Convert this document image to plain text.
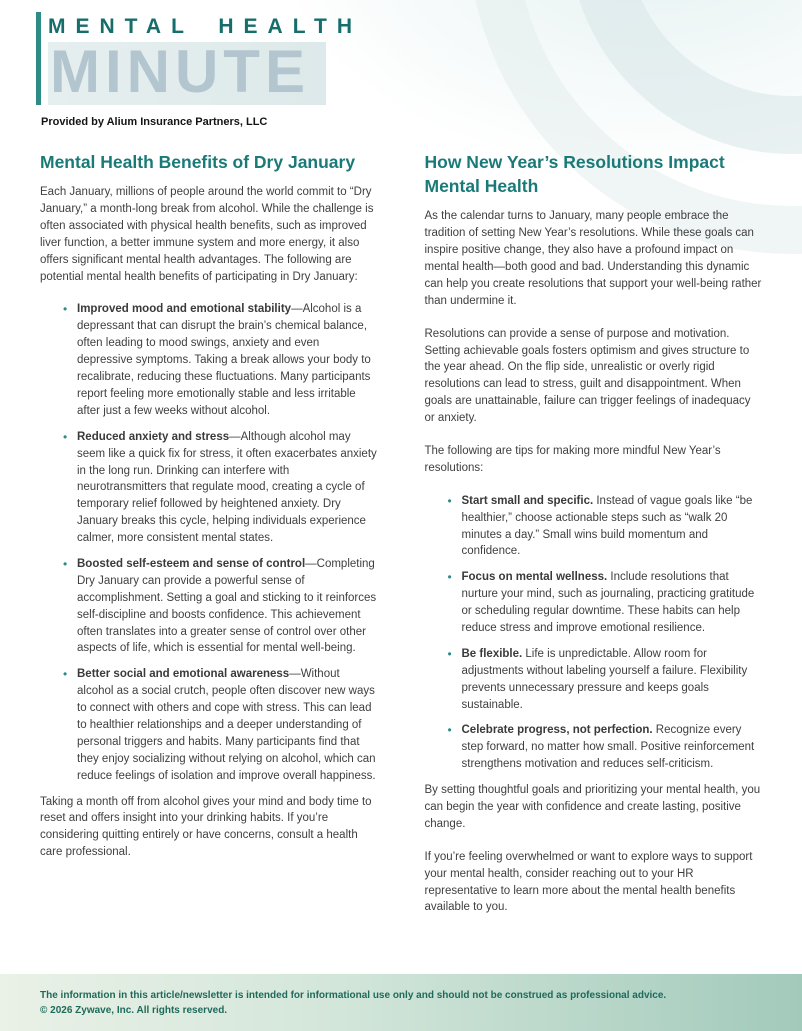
MENTAL HEALTH
MINUTE
Provided by Alium Insurance Partners, LLC
Mental Health Benefits of Dry January

Each January, millions of people around the world commit to “Dry January,” a month-long break from alcohol. While the challenge is often associated with physical health benefits, such as improved liver function, a better immune system and more energy, it also offers significant mental health advantages. The following are potential mental health benefits of participating in Dry January:

• Improved mood and emotional stability—Alcohol is a depressant that can disrupt the brain’s chemical balance, often leading to mood swings, anxiety and even depressive symptoms. Taking a break allows your body to recalibrate, reducing these fluctuations. Many participants report feeling more emotionally stable and less irritable after just a few weeks without alcohol.
• Reduced anxiety and stress—Although alcohol may seem like a quick fix for stress, it often exacerbates anxiety in the long run. Drinking can interfere with neurotransmitters that regulate mood, creating a cycle of temporary relief followed by heightened anxiety. Dry January breaks this cycle, helping individuals experience calmer, more consistent mental states.
• Boosted self-esteem and sense of control—Completing Dry January can provide a powerful sense of accomplishment. Setting a goal and sticking to it reinforces self-discipline and boosts confidence. This achievement often translates into a greater sense of control over other aspects of life, which is essential for mental well-being.
• Better social and emotional awareness—Without alcohol as a social crutch, people often discover new ways to connect with others and cope with stress. This can lead to healthier relationships and a deeper understanding of personal triggers and habits. Many participants find that they enjoy socializing without relying on alcohol, which can reduce feelings of isolation and improve overall happiness.

Taking a month off from alcohol gives your mind and body time to reset and offers insight into your drinking habits. If you’re considering quitting entirely or have concerns, consult a health care professional.

How New Year’s Resolutions Impact Mental Health

As the calendar turns to January, many people embrace the tradition of setting New Year’s resolutions. While these goals can inspire positive change, they also have a profound impact on mental health—both good and bad. Understanding this dynamic can help you create resolutions that support your well-being rather than undermine it.

Resolutions can provide a sense of purpose and motivation. Setting achievable goals fosters optimism and gives structure to the year ahead. On the flip side, unrealistic or overly rigid resolutions can lead to stress, guilt and disappointment. When goals are unattainable, failure can trigger feelings of inadequacy or anxiety.

The following are tips for making more mindful New Year’s resolutions:

• Start small and specific. Instead of vague goals like “be healthier,” choose actionable steps such as “walk 20 minutes a day.” Small wins build momentum and confidence.
• Focus on mental wellness. Include resolutions that nurture your mind, such as journaling, practicing gratitude or scheduling regular downtime. These habits can help reduce stress and improve emotional resilience.
• Be flexible. Life is unpredictable. Allow room for adjustments without labeling yourself a failure. Flexibility prevents unnecessary pressure and keeps goals sustainable.
• Celebrate progress, not perfection. Recognize every step forward, no matter how small. Positive reinforcement strengthens motivation and reduces self-criticism.

By setting thoughtful goals and prioritizing your mental health, you can begin the year with confidence and create lasting, positive change.

If you’re feeling overwhelmed or want to explore ways to support your mental health, consider reaching out to your HR representative to learn more about the mental health benefits available to you.

The information in this article/newsletter is intended for informational use only and should not be construed as professional advice.
© 2026 Zywave, Inc. All rights reserved.
